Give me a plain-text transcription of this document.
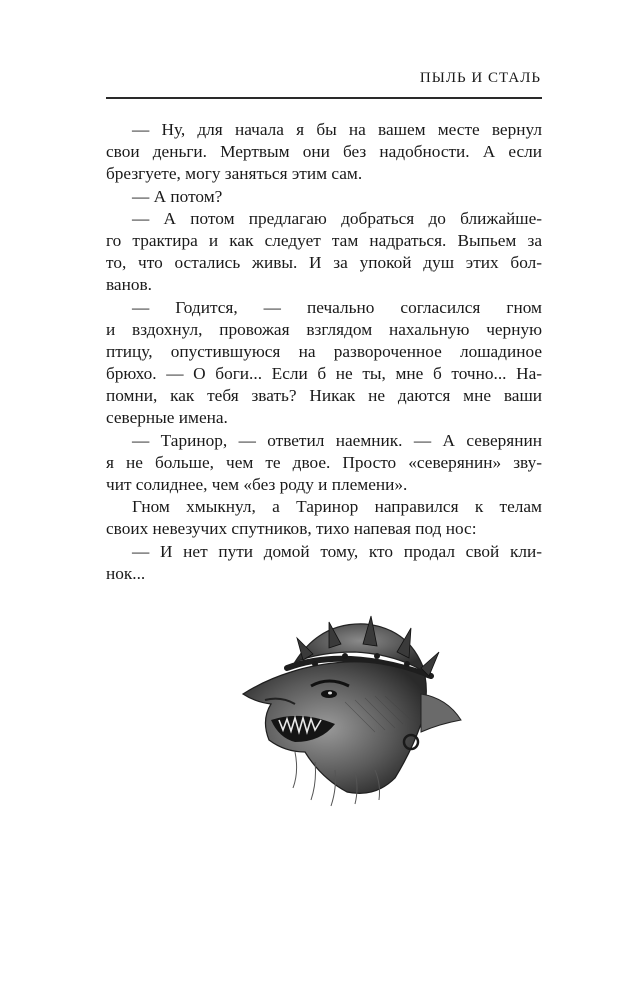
ПЫЛЬ И СТАЛЬ
— Ну, для начала я бы на вашем месте вернул
свои деньги. Мертвым они без надобности. А если
брезгуете, могу заняться этим сам.
— А потом?
— А потом предлагаю добраться до ближайше-
го трактира и как следует там надраться. Выпьем за
то, что остались живы. И за упокой душ этих бол-
ванов.
— Годится, — печально согласился гном
и вздохнул, провожая взглядом нахальную черную
птицу, опустившуюся на развороченное лошадиное
брюхо. — О боги... Если б не ты, мне б точно... На-
помни, как тебя звать? Никак не даются мне ваши
северные имена.
— Таринор, — ответил наемник. — А северянин
я не больше, чем те двое. Просто «северянин» зву-
чит солиднее, чем «без роду и племени».
Гном хмыкнул, а Таринор направился к телам
своих невезучих спутников, тихо напевая под нос:
— И нет пути домой тому, кто продал свой кли-
нок...
